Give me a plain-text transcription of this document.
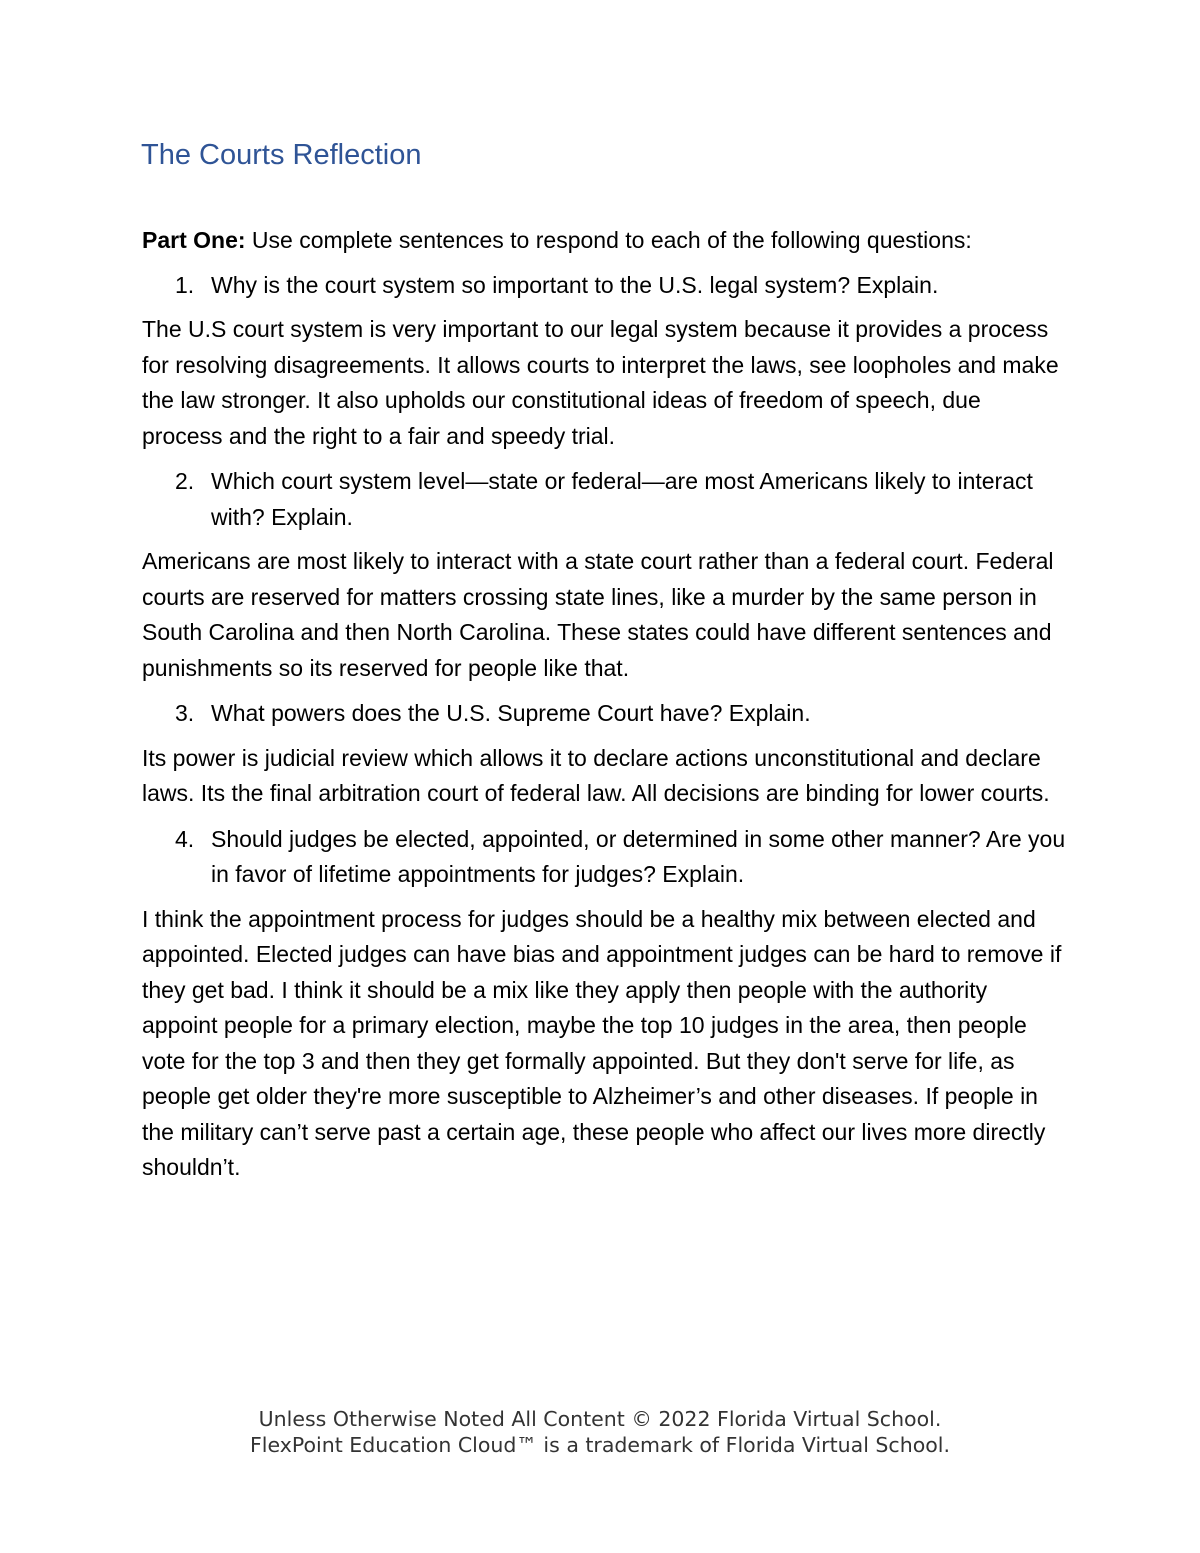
The Courts Reflection

Part One: Use complete sentences to respond to each of the following questions:

1. Why is the court system so important to the U.S. legal system? Explain.

The U.S court system is very important to our legal system because it provides a process for resolving disagreements. It allows courts to interpret the laws, see loopholes and make the law stronger. It also upholds our constitutional ideas of freedom of speech, due process and the right to a fair and speedy trial.

2. Which court system level—state or federal—are most Americans likely to interact with? Explain.

Americans are most likely to interact with a state court rather than a federal court. Federal courts are reserved for matters crossing state lines, like a murder by the same person in South Carolina and then North Carolina. These states could have different sentences and punishments so its reserved for people like that.

3. What powers does the U.S. Supreme Court have? Explain.

Its power is judicial review which allows it to declare actions unconstitutional and declare laws. Its the final arbitration court of federal law. All decisions are binding for lower courts.

4. Should judges be elected, appointed, or determined in some other manner? Are you in favor of lifetime appointments for judges? Explain.

I think the appointment process for judges should be a healthy mix between elected and appointed. Elected judges can have bias and appointment judges can be hard to remove if they get bad. I think it should be a mix like they apply then people with the authority appoint people for a primary election, maybe the top 10 judges in the area, then people vote for the top 3 and then they get formally appointed. But they don't serve for life, as people get older they're more susceptible to Alzheimer’s and other diseases. If people in the military can’t serve past a certain age, these people who affect our lives more directly shouldn’t.

Unless Otherwise Noted All Content © 2022 Florida Virtual School.
FlexPoint Education Cloud™ is a trademark of Florida Virtual School.
